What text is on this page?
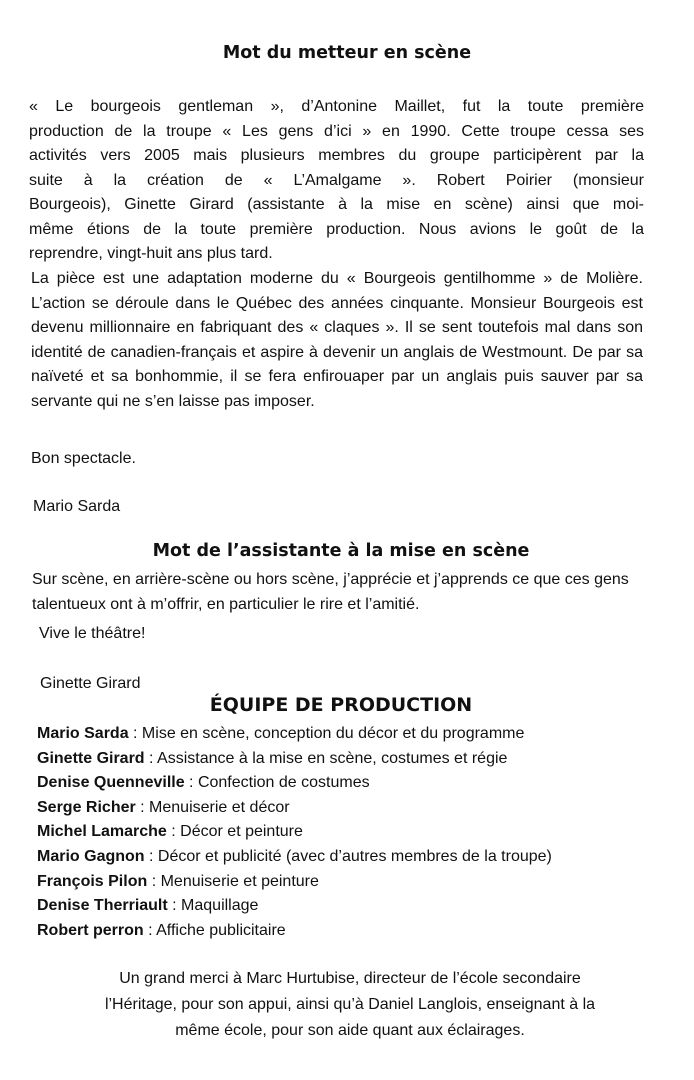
Mot du metteur en scène
« Le bourgeois gentleman », d’Antonine Maillet, fut la toute première
production de la troupe « Les gens d’ici » en 1990. Cette troupe cessa ses
activités vers 2005 mais plusieurs membres du groupe participèrent par la
suite à la création de « L’Amalgame ». Robert Poirier (monsieur
Bourgeois), Ginette Girard (assistante à la mise en scène) ainsi que moi-
même étions de la toute première production. Nous avions le goût de la
reprendre, vingt-huit ans plus tard.

La pièce est une adaptation moderne du « Bourgeois gentilhomme » de Molière. L’action se déroule dans le Québec des années cinquante. Monsieur Bourgeois est devenu millionnaire en fabriquant des « claques ». Il se sent toutefois mal dans son identité de canadien-français et aspire à devenir un anglais de Westmount. De par sa naïveté et sa bonhommie, il se fera enfirouaper par un anglais puis sauver par sa servante qui ne s’en laisse pas imposer.

Bon spectacle.

Mario Sarda

Mot de l’assistante à la mise en scène

Sur scène, en arrière-scène ou hors scène, j’apprécie et j’apprends ce que ces gens talentueux ont à m’offrir, en particulier le rire et l’amitié.

Vive le théâtre!

Ginette Girard

ÉQUIPE DE PRODUCTION
Mario Sarda : Mise en scène, conception du décor et du programme
Ginette Girard : Assistance à la mise en scène, costumes et régie
Denise Quenneville : Confection de costumes
Serge Richer : Menuiserie et décor
Michel Lamarche : Décor et peinture
Mario Gagnon : Décor et publicité (avec d’autres membres de la troupe)
François Pilon : Menuiserie et peinture
Denise Therriault : Maquillage
Robert perron : Affiche publicitaire
Un grand merci à Marc Hurtubise, directeur de l’école secondaire
l’Héritage, pour son appui, ainsi qu’à Daniel Langlois, enseignant à la
même école, pour son aide quant aux éclairages.
